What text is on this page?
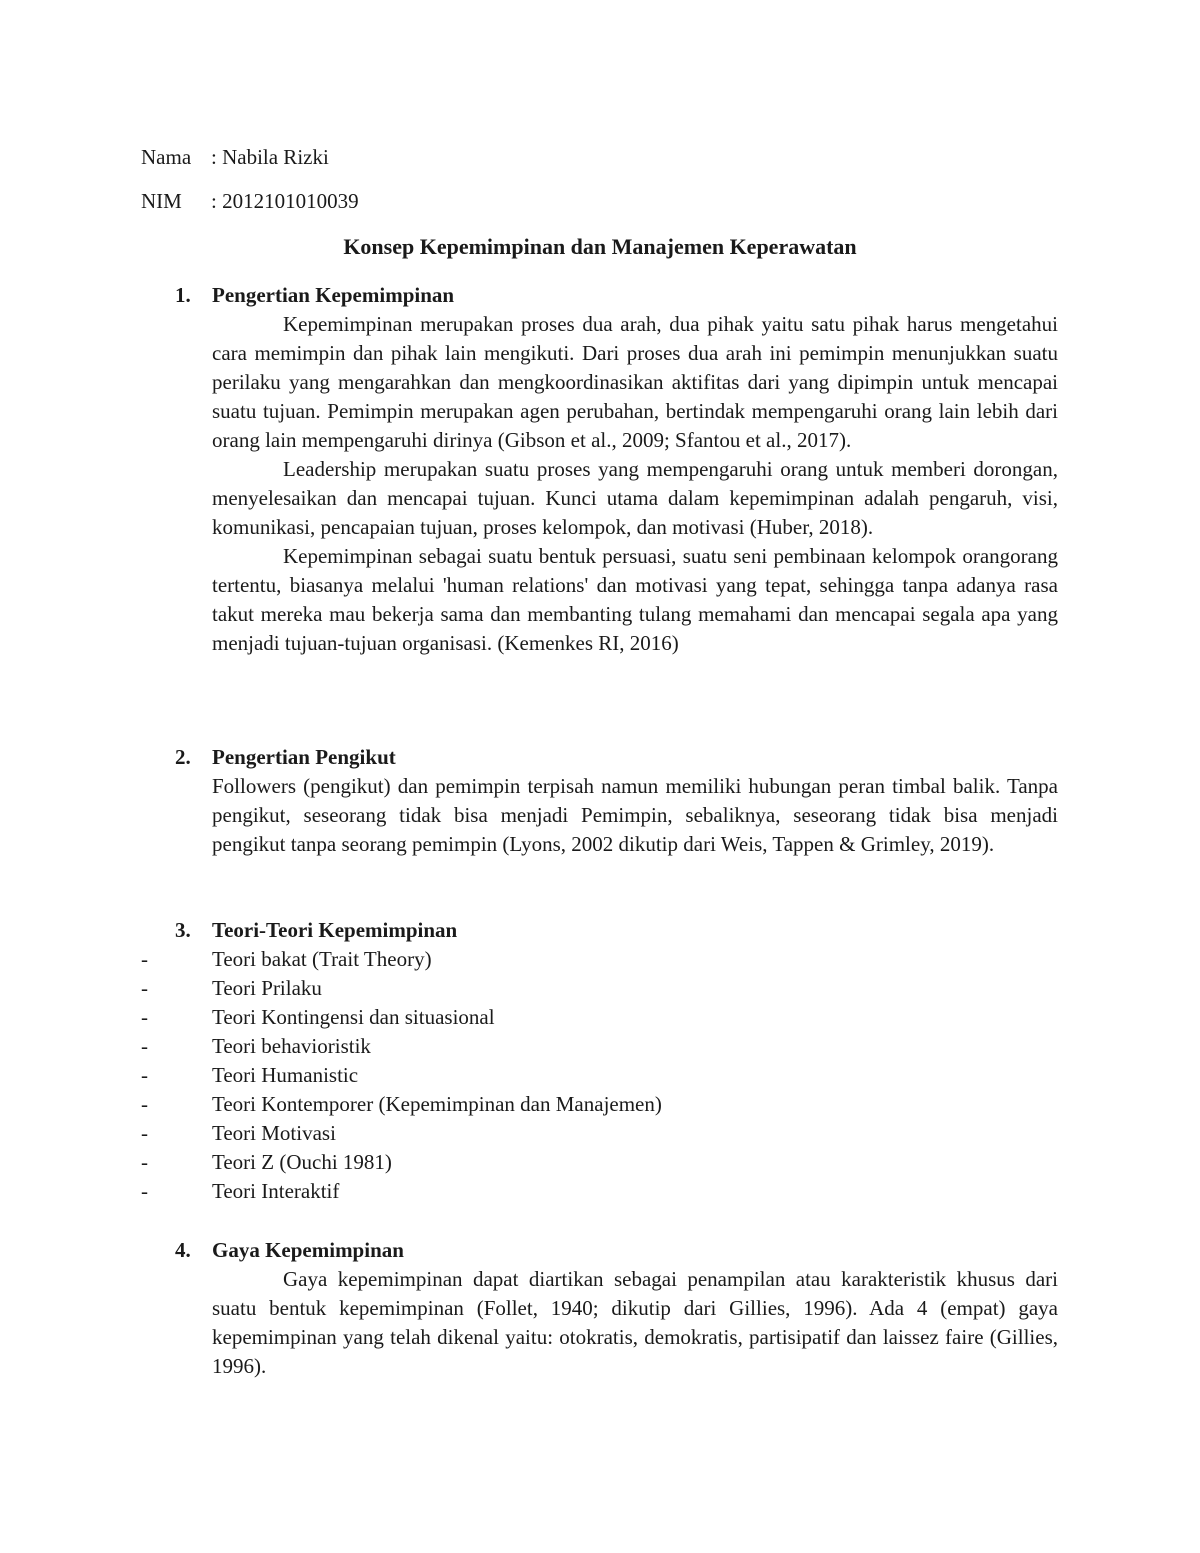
Nama : Nabila Rizki
NIM : 2012101010039
Konsep Kepemimpinan dan Manajemen Keperawatan
1. Pengertian Kepemimpinan

Kepemimpinan merupakan proses dua arah, dua pihak yaitu satu pihak harus mengetahui cara memimpin dan pihak lain mengikuti. Dari proses dua arah ini pemimpin menunjukkan suatu perilaku yang mengarahkan dan mengkoordinasikan aktifitas dari yang dipimpin untuk mencapai suatu tujuan. Pemimpin merupakan agen perubahan, bertindak mempengaruhi orang lain lebih dari orang lain mempengaruhi dirinya (Gibson et al., 2009; Sfantou et al., 2017).

Leadership merupakan suatu proses yang mempengaruhi orang untuk memberi dorongan, menyelesaikan dan mencapai tujuan. Kunci utama dalam kepemimpinan adalah pengaruh, visi, komunikasi, pencapaian tujuan, proses kelompok, dan motivasi (Huber, 2018).

Kepemimpinan sebagai suatu bentuk persuasi, suatu seni pembinaan kelompok orangorang tertentu, biasanya melalui 'human relations' dan motivasi yang tepat, sehingga tanpa adanya rasa takut mereka mau bekerja sama dan membanting tulang memahami dan mencapai segala apa yang menjadi tujuan-tujuan organisasi. (Kemenkes RI, 2016)

2. Pengertian Pengikut

Followers (pengikut) dan pemimpin terpisah namun memiliki hubungan peran timbal balik. Tanpa pengikut, seseorang tidak bisa menjadi Pemimpin, sebaliknya, seseorang tidak bisa menjadi pengikut tanpa seorang pemimpin (Lyons, 2002 dikutip dari Weis, Tappen & Grimley, 2019).

3. Teori-Teori Kepemimpinan
-	Teori bakat (Trait Theory)
-	Teori Prilaku
-	Teori Kontingensi dan situasional
-	Teori behavioristik
-	Teori Humanistic
-	Teori Kontemporer (Kepemimpinan dan Manajemen)
-	Teori Motivasi
-	Teori Z (Ouchi 1981)
-	Teori Interaktif
4. Gaya Kepemimpinan

Gaya kepemimpinan dapat diartikan sebagai penampilan atau karakteristik khusus dari suatu bentuk kepemimpinan (Follet, 1940; dikutip dari Gillies, 1996). Ada 4 (empat) gaya kepemimpinan yang telah dikenal yaitu: otokratis, demokratis, partisipatif dan laissez faire (Gillies, 1996).
